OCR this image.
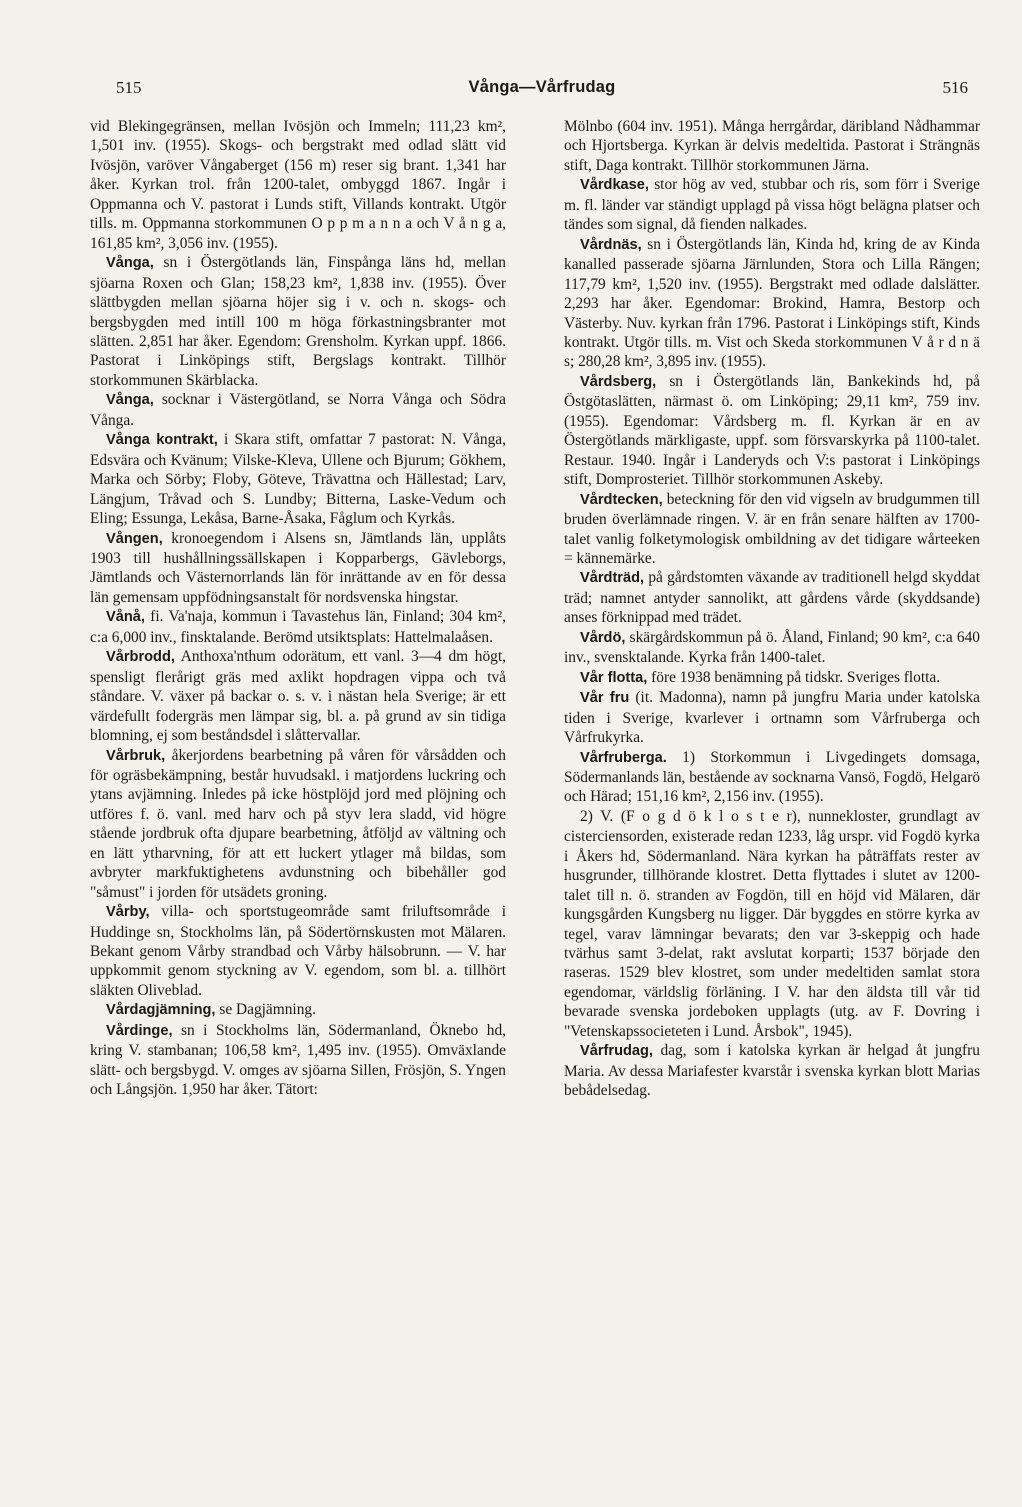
515	Vånga—Vårfrudag	516

vid Blekingegränsen, mellan Ivösjön och Immeln; 111,23 km², 1,501 inv. (1955). Skogs- och bergstrakt med odlad slätt vid Ivösjön, varöver Vångaberget (156 m) reser sig brant. 1,341 har åker. Kyrkan trol. från 1200-talet, ombyggd 1867. Ingår i Oppmanna och V. pastorat i Lunds stift, Villands kontrakt. Utgör tills. m. Oppmanna storkommunen O p p m a n n a och V å n g a, 161,85 km², 3,056 inv. (1955).

Vånga, sn i Östergötlands län, Finspånga läns hd, mellan sjöarna Roxen och Glan; 158,23 km², 1,838 inv. (1955). Över slättbygden mellan sjöarna höjer sig i v. och n. skogs- och bergsbygden med intill 100 m höga förkastningsbranter mot slätten. 2,851 har åker. Egendom: Grensholm. Kyrkan uppf. 1866. Pastorat i Linköpings stift, Bergslags kontrakt. Tillhör storkommunen Skärblacka.

Vånga, socknar i Västergötland, se Norra Vånga och Södra Vånga.

Vånga kontrakt, i Skara stift, omfattar 7 pastorat: N. Vånga, Edsvära och Kvänum; Vilske-Kleva, Ullene och Bjurum; Gökhem, Marka och Sörby; Floby, Göteve, Trävattna och Hällestad; Larv, Längjum, Tråvad och S. Lundby; Bitterna, Laske-Vedum och Eling; Essunga, Lekåsa, Barne-Åsaka, Fåglum och Kyrkås.

Vången, kronoegendom i Alsens sn, Jämtlands län, upplåts 1903 till hushållningssällskapen i Kopparbergs, Gävleborgs, Jämtlands och Västernorrlands län för inrättande av en för dessa län gemensam uppfödningsanstalt för nordsvenska hingstar.

Vånå, fi. Va'naja, kommun i Tavastehus län, Finland; 304 km², c:a 6,000 inv., finsktalande. Berömd utsiktsplats: Hattelmalaåsen.

Vårbrodd, Anthoxa'nthum odorätum, ett vanl. 3—4 dm högt, spensligt flerårigt gräs med axlikt hopdragen vippa och två ståndare. V. växer på backar o. s. v. i nästan hela Sverige; är ett värdefullt fodergräs men lämpar sig, bl. a. på grund av sin tidiga blomning, ej som beståndsdel i slåttervallar.

Vårbruk, åkerjordens bearbetning på våren för vårsådden och för ogräsbekämpning, består huvudsakl. i matjordens luckring och ytans avjämning. Inledes på icke höstplöjd jord med plöjning och utföres f. ö. vanl. med harv och på styv lera sladd, vid högre stående jordbruk ofta djupare bearbetning, åtföljd av vältning och en lätt ytharvning, för att ett luckert ytlager må bildas, som avbryter markfuktighetens avdunstning och bibehåller god "såmust" i jorden för utsädets groning.

Vårby, villa- och sportstugeområde samt friluftsområde i Huddinge sn, Stockholms län, på Södertörnskusten mot Mälaren. Bekant genom Vårby strandbad och Vårby hälsobrunn. — V. har uppkommit genom styckning av V. egendom, som bl. a. tillhört släkten Oliveblad.

Vårdagjämning, se Dagjämning.

Vårdinge, sn i Stockholms län, Södermanland, Öknebo hd, kring V. stambanan; 106,58 km², 1,495 inv. (1955). Omväxlande slätt- och bergsbygd. V. omges av sjöarna Sillen, Frösjön, S. Yngen och Långsjön. 1,950 har åker. Tätort:

Mölnbo (604 inv. 1951). Många herrgårdar, däribland Nådhammar och Hjortsberga. Kyrkan är delvis medeltida. Pastorat i Strängnäs stift, Daga kontrakt. Tillhör storkommunen Järna.

Vårdkase, stor hög av ved, stubbar och ris, som förr i Sverige m. fl. länder var ständigt upplagd på vissa högt belägna platser och tändes som signal, då fienden nalkades.

Vårdnäs, sn i Östergötlands län, Kinda hd, kring de av Kinda kanalled passerade sjöarna Järnlunden, Stora och Lilla Rängen; 117,79 km², 1,520 inv. (1955). Bergstrakt med odlade dalslätter. 2,293 har åker. Egendomar: Brokind, Hamra, Bestorp och Västerby. Nuv. kyrkan från 1796. Pastorat i Linköpings stift, Kinds kontrakt. Utgör tills. m. Vist och Skeda storkommunen V å r d n ä s; 280,28 km², 3,895 inv. (1955).

Vårdsberg, sn i Östergötlands län, Bankekinds hd, på Östgötaslätten, närmast ö. om Linköping; 29,11 km², 759 inv. (1955). Egendomar: Vårdsberg m. fl. Kyrkan är en av Östergötlands märkligaste, uppf. som försvarskyrka på 1100-talet. Restaur. 1940. Ingår i Landeryds och V:s pastorat i Linköpings stift, Domprosteriet. Tillhör storkommunen Askeby.

Vårdtecken, beteckning för den vid vigseln av brudgummen till bruden överlämnade ringen. V. är en från senare hälften av 1700-talet vanlig folketymologisk ombildning av det tidigare wårteeken = kännemärke.

Vårdträd, på gårdstomten växande av traditionell helgd skyddat träd; namnet antyder sannolikt, att gårdens vårde (skyddsande) anses förknippad med trädet.

Vårdö, skärgårdskommun på ö. Åland, Finland; 90 km², c:a 640 inv., svensktalande. Kyrka från 1400-talet.

Vår flotta, före 1938 benämning på tidskr. Sveriges flotta.

Vår fru (it. Madonna), namn på jungfru Maria under katolska tiden i Sverige, kvarlever i ortnamn som Vårfruberga och Vårfrukyrka.

Vårfruberga. 1) Storkommun i Livgedingets domsaga, Södermanlands län, bestående av socknarna Vansö, Fogdö, Helgarö och Härad; 151,16 km², 2,156 inv. (1955).

2) V. (F o g d ö k l o s t e r), nunnekloster, grundlagt av cisterciensorden, existerade redan 1233, låg urspr. vid Fogdö kyrka i Åkers hd, Södermanland. Nära kyrkan ha påträffats rester av husgrunder, tillhörande klostret. Detta flyttades i slutet av 1200-talet till n. ö. stranden av Fogdön, till en höjd vid Mälaren, där kungsgården Kungsberg nu ligger. Där byggdes en större kyrka av tegel, varav lämningar bevarats; den var 3-skeppig och hade tvärhus samt 3-delat, rakt avslutat korparti; 1537 började den raseras. 1529 blev klostret, som under medeltiden samlat stora egendomar, världslig förläning. I V. har den äldsta till vår tid bevarade svenska jordeboken upplagts (utg. av F. Dovring i "Vetenskapssocieteten i Lund. Årsbok", 1945).

Vårfrudag, dag, som i katolska kyrkan är helgad åt jungfru Maria. Av dessa Mariafester kvarstår i svenska kyrkan blott Marias bebådelsedag.
